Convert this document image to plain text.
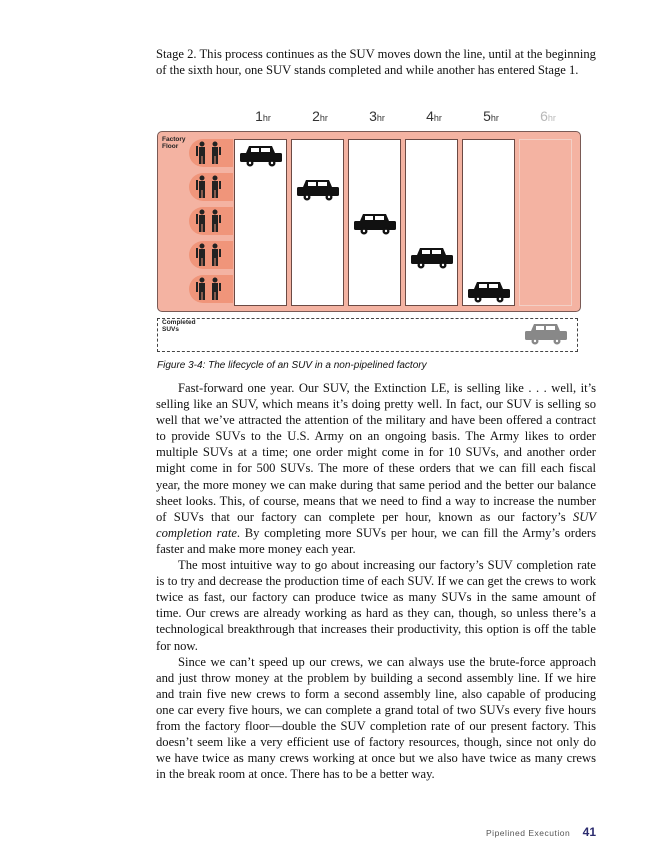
Stage 2. This process continues as the SUV moves down the line, until at the beginning of the sixth hour, one SUV stands completed and while another has entered Stage 1.

1hr	2hr	3hr	4hr	5hr	6hr
Factory
Floor
Completed
SUVs

Figure 3-4: The lifecycle of an SUV in a non-pipelined factory

Fast-forward one year. Our SUV, the Extinction LE, is selling like . . . well, it’s selling like an SUV, which means it’s doing pretty well. In fact, our SUV is selling so well that we’ve attracted the attention of the military and have been offered a contract to provide SUVs to the U.S. Army on an ongoing basis. The Army likes to order multiple SUVs at a time; one order might come in for 10 SUVs, and another order might come in for 500 SUVs. The more of these orders that we can fill each fiscal year, the more money we can make during that same period and the better our balance sheet looks. This, of course, means that we need to find a way to increase the number of SUVs that our factory can complete per hour, known as our factory’s SUV completion rate. By completing more SUVs per hour, we can fill the Army’s orders faster and make more money each year.

The most intuitive way to go about increasing our factory’s SUV completion rate is to try and decrease the production time of each SUV. If we can get the crews to work twice as fast, our factory can produce twice as many SUVs in the same amount of time. Our crews are already working as hard as they can, though, so unless there’s a technological breakthrough that increases their productivity, this option is off the table for now.

Since we can’t speed up our crews, we can always use the brute-force approach and just throw money at the problem by building a second assembly line. If we hire and train five new crews to form a second assembly line, also capable of producing one car every five hours, we can complete a grand total of two SUVs every five hours from the factory floor—double the SUV completion rate of our present factory. This doesn’t seem like a very efficient use of factory resources, though, since not only do we have twice as many crews working at once but we also have twice as many crews in the break room at once. There has to be a better way.

Pipelined Execution 41
